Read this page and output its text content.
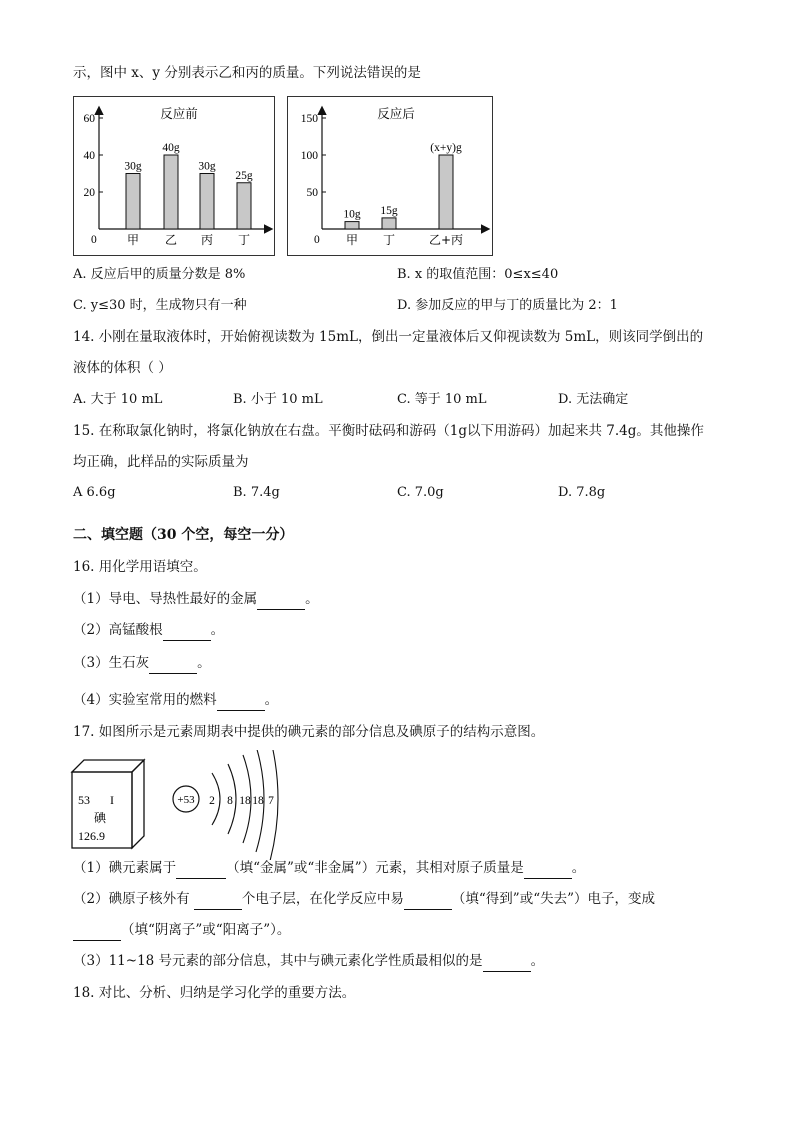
示，图中 x、y 分别表示乙和丙的质量。下列说法错误的是
反应前
0
60
40
20
30g
甲
40g
乙
30g
丙
25g
丁
反应后
0
150
100
50
10g
甲
15g
丁
(x+y)g
乙+丙
A. 反应后甲的质量分数是 8%	B. x 的取值范围：0≤x≤40
C. y≤30 时，生成物只有一种	D. 参加反应的甲与丁的质量比为 2：1
14. 小刚在量取液体时，开始俯视读数为 15mL，倒出一定量液体后又仰视读数为 5mL，则该同学倒出的
液体的体积（ ）
A. 大于 10 mL	B. 小于 10 mL	C. 等于 10 mL	D. 无法确定
15. 在称取氯化钠时，将氯化钠放在右盘。平衡时砝码和游码（1g以下用游码）加起来共 7.4g。其他操作
均正确，此样品的实际质量为
A 6.6g	B. 7.4g	C. 7.0g	D. 7.8g
二、填空题（30 个空，每空一分）
16. 用化学用语填空。
（1）导电、导热性最好的金属	。
（2）高锰酸根	。
（3）生石灰	。
（4）实验室常用的燃料	。
17. 如图所示是元素周期表中提供的碘元素的部分信息及碘原子的结构示意图。
53 I
碘
126.9
+53 2 8 18 18 7
（1）碘元素属于	（填“金属”或“非金属”）元素，其相对原子质量是	。
（2）碘原子核外有	个电子层，在化学反应中易	（填“得到”或“失去”）电子，变成
（填“阴离子”或“阳离子”）。
（3）11~18 号元素的部分信息，其中与碘元素化学性质最相似的是	。
18. 对比、分析、归纳是学习化学的重要方法。
